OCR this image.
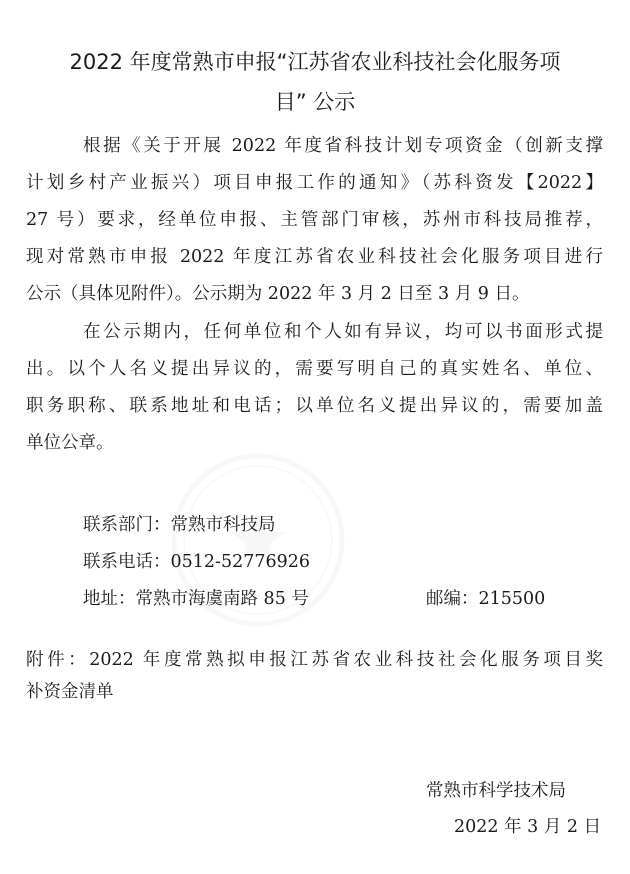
2022 年度常熟市申报“江苏省农业科技社会化服务项
目” 公示

根据《关于开展 2022 年度省科技计划专项资金（创新支撑

计划乡村产业振兴）项目申报工作的通知》（苏科资发【2022】

27 号）要求，经单位申报、主管部门审核，苏州市科技局推荐，

现对常熟市申报 2022 年度江苏省农业科技社会化服务项目进行

公示（具体见附件）。公示期为 2022 年 3 月 2 日至 3 月 9 日。

在公示期内，任何单位和个人如有异议，均可以书面形式提

出。以个人名义提出异议的，需要写明自己的真实姓名、单位、

职务职称、联系地址和电话；以单位名义提出异议的，需要加盖

单位公章。

联系部门：常熟市科技局

联系电话：0512-52776926

地址：常熟市海虞南路 85 号	邮编：215500

附件：2022 年度常熟拟申报江苏省农业科技社会化服务项目奖

补资金清单

常熟市科学技术局

2022 年 3 月 2 日
